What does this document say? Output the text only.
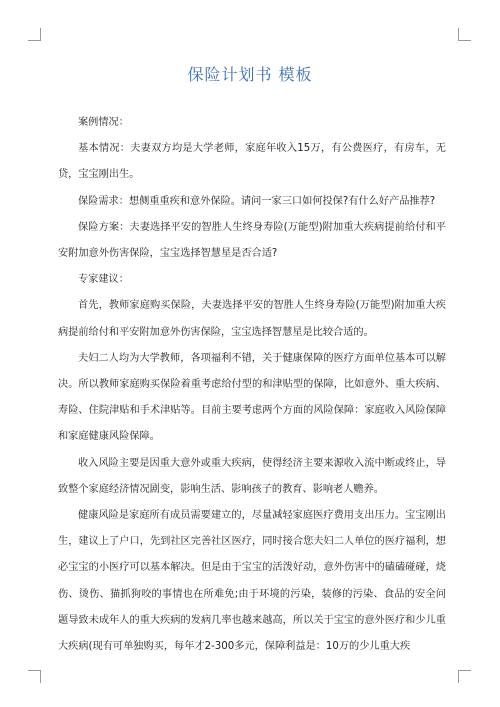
保险计划书 模板

案例情况：

基本情况：夫妻双方均是大学老师，家庭年收入15万，有公费医疗，有房车，无贷，宝宝刚出生。

保险需求：想侧重重疾和意外保险。请问一家三口如何投保?有什么好产品推荐?

保险方案：夫妻选择平安的智胜人生终身寿险(万能型)附加重大疾病提前给付和平安附加意外伤害保险，宝宝选择智慧星是否合适?

专家建议：

首先，教师家庭购买保险，夫妻选择平安的智胜人生终身寿险(万能型)附加重大疾病提前给付和平安附加意外伤害保险，宝宝选择智慧星是比较合适的。

夫妇二人均为大学教师，各项福利不错，关于健康保障的医疗方面单位基本可以解决。所以教师家庭购买保险着重考虑给付型的和津贴型的保障，比如意外、重大疾病、寿险、住院津贴和手术津贴等。目前主要考虑两个方面的风险保障：家庭收入风险保障和家庭健康风险保障。

收入风险主要是因重大意外或重大疾病，使得经济主要来源收入流中断或终止，导致整个家庭经济情况剧变，影响生活、影响孩子的教育、影响老人赡养。

健康风险是家庭所有成员需要建立的，尽量减轻家庭医疗费用支出压力。宝宝刚出生，建议上了户口，先到社区完善社区医疗，同时接合您夫妇二人单位的医疗福利，想必宝宝的小医疗可以基本解决。但是由于宝宝的活泼好动，意外伤害中的磕磕碰碰，烧伤、烫伤、猫抓狗咬的事情也在所难免;由于环境的污染，装修的污染、食品的安全问题导致未成年人的重大疾病的发病几率也越来越高，所以关于宝宝的意外医疗和少儿重大疾病(现有可单独购买，每年才2-300多元，保障利益是：10万的少儿重大疾
